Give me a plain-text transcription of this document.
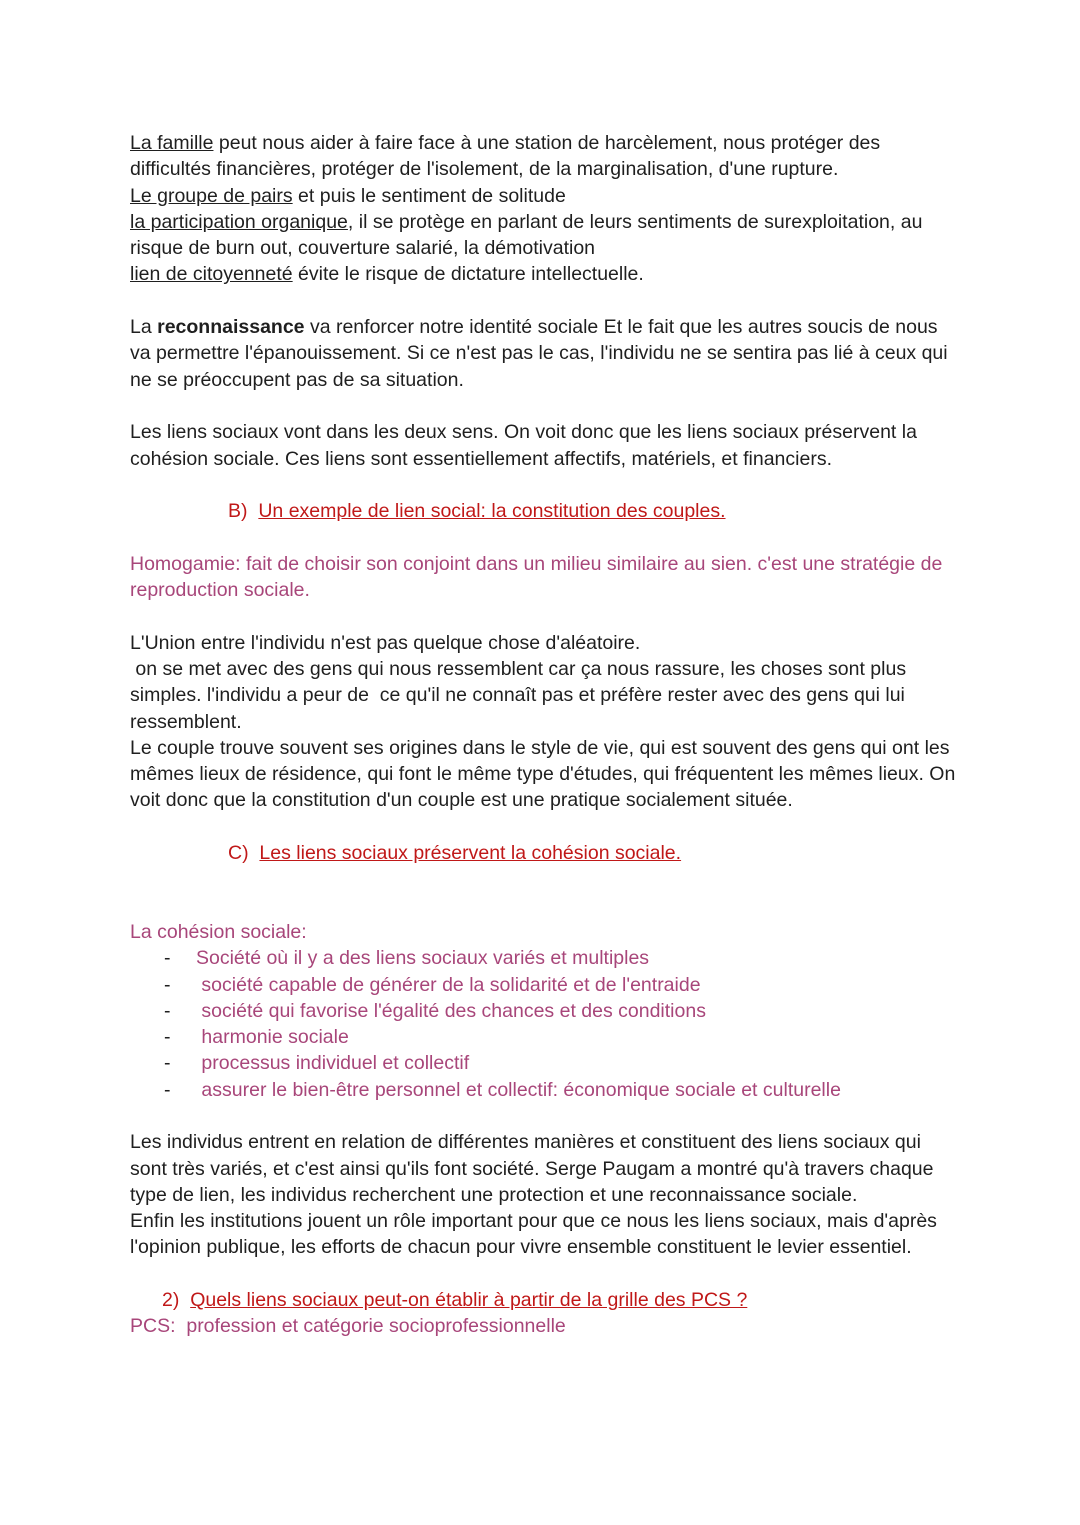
La famille peut nous aider à faire face à une station de harcèlement, nous protéger des difficultés financières, protéger de l'isolement, de la marginalisation, d'une rupture.

Le groupe de pairs et puis le sentiment de solitude

la participation organique, il se protège en parlant de leurs sentiments de surexploitation, au risque de burn out, couverture salarié, la démotivation

lien de citoyenneté évite le risque de dictature intellectuelle.

La reconnaissance va renforcer notre identité sociale Et le fait que les autres soucis de nous va permettre l'épanouissement. Si ce n'est pas le cas, l'individu ne se sentira pas lié à ceux qui ne se préoccupent pas de sa situation.

Les liens sociaux vont dans les deux sens. On voit donc que les liens sociaux préservent la cohésion sociale. Ces liens sont essentiellement affectifs, matériels, et financiers.

B) Un exemple de lien social: la constitution des couples.

Homogamie: fait de choisir son conjoint dans un milieu similaire au sien. c'est une stratégie de reproduction sociale.

L'Union entre l'individu n'est pas quelque chose d'aléatoire.

on se met avec des gens qui nous ressemblent car ça nous rassure, les choses sont plus simples. l'individu a peur de  ce qu'il ne connaît pas et préfère rester avec des gens qui lui ressemblent.

Le couple trouve souvent ses origines dans le style de vie, qui est souvent des gens qui ont les mêmes lieux de résidence, qui font le même type d'études, qui fréquentent les mêmes lieux. On voit donc que la constitution d'un couple est une pratique socialement située.

C) Les liens sociaux préservent la cohésion sociale.

La cohésion sociale:

- Société où il y a des liens sociaux variés et multiples
-  société capable de générer de la solidarité et de l'entraide
-  société qui favorise l'égalité des chances et des conditions
-  harmonie sociale
-  processus individuel et collectif
-  assurer le bien-être personnel et collectif: économique sociale et culturelle

Les individus entrent en relation de différentes manières et constituent des liens sociaux qui sont très variés, et c'est ainsi qu'ils font société. Serge Paugam a montré qu'à travers chaque type de lien, les individus recherchent une protection et une reconnaissance sociale.

Enfin les institutions jouent un rôle important pour que ce nous les liens sociaux, mais d'après l'opinion publique, les efforts de chacun pour vivre ensemble constituent le levier essentiel.

2) Quels liens sociaux peut-on établir à partir de la grille des PCS ?

PCS:  profession et catégorie socioprofessionnelle
